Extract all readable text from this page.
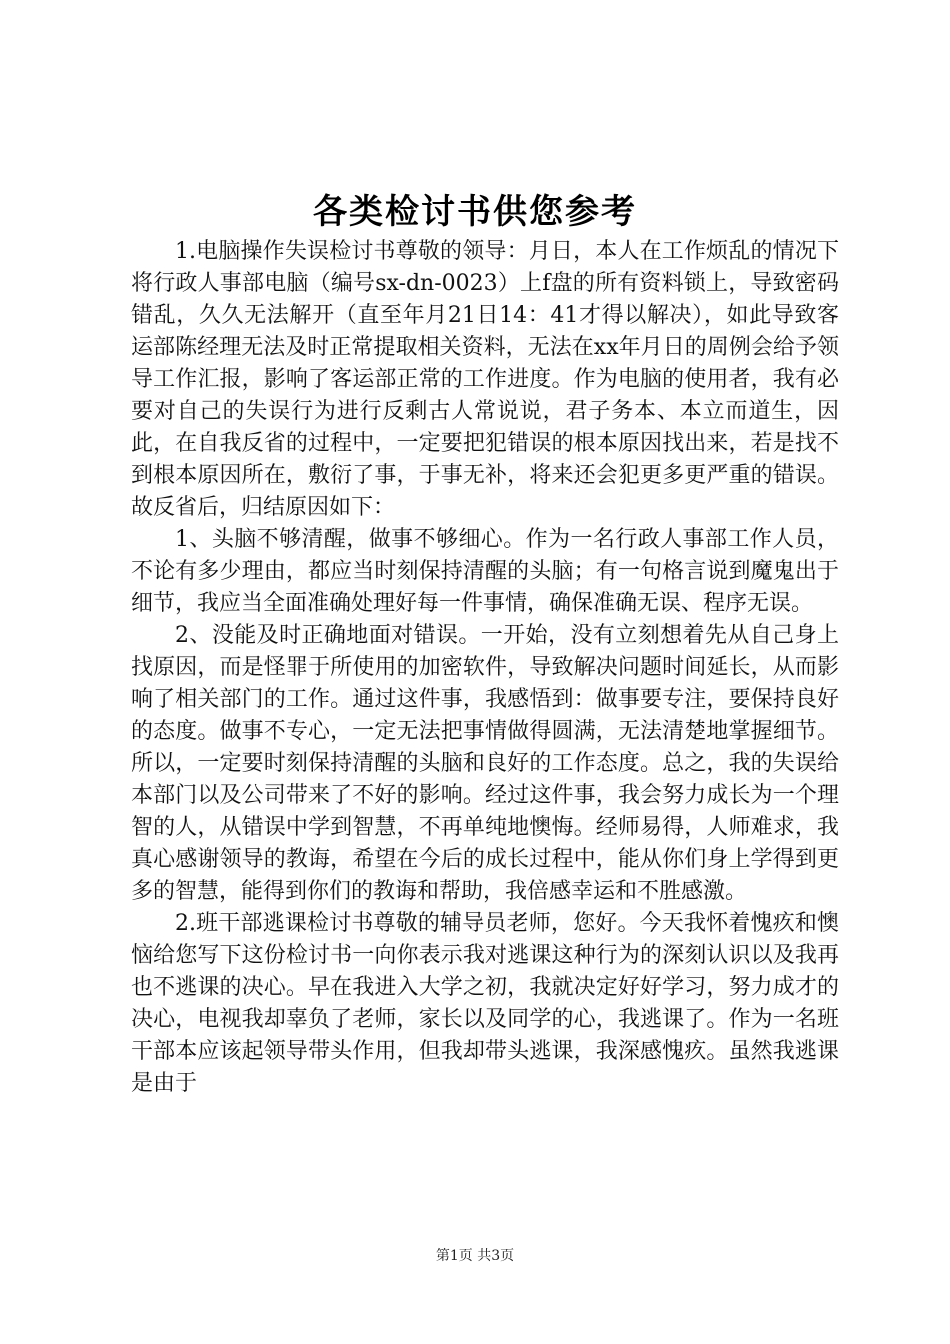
各类检讨书供您参考

1.电脑操作失误检讨书尊敬的领导：月日，本人在工作烦乱的情况下将行政人事部电脑（编号sx-dn-0023）上f盘的所有资料锁上，导致密码错乱，久久无法解开（直至年月21日14：41才得以解决），如此导致客运部陈经理无法及时正常提取相关资料，无法在xx年月日的周例会给予领导工作汇报，影响了客运部正常的工作进度。作为电脑的使用者，我有必要对自己的失误行为进行反剩古人常说说，君子务本、本立而道生，因此，在自我反省的过程中，一定要把犯错误的根本原因找出来，若是找不到根本原因所在，敷衍了事，于事无补，将来还会犯更多更严重的错误。故反省后，归结原因如下：

1、头脑不够清醒，做事不够细心。作为一名行政人事部工作人员，不论有多少理由，都应当时刻保持清醒的头脑；有一句格言说到魔鬼出于细节，我应当全面准确处理好每一件事情，确保准确无误、程序无误。

2、没能及时正确地面对错误。一开始，没有立刻想着先从自己身上找原因，而是怪罪于所使用的加密软件，导致解决问题时间延长，从而影响了相关部门的工作。通过这件事，我感悟到：做事要专注，要保持良好的态度。做事不专心，一定无法把事情做得圆满，无法清楚地掌握细节。所以，一定要时刻保持清醒的头脑和良好的工作态度。总之，我的失误给本部门以及公司带来了不好的影响。经过这件事，我会努力成长为一个理智的人，从错误中学到智慧，不再单纯地懊悔。经师易得，人师难求，我真心感谢领导的教诲，希望在今后的成长过程中，能从你们身上学得到更多的智慧，能得到你们的教诲和帮助，我倍感幸运和不胜感激。

2.班干部逃课检讨书尊敬的辅导员老师，您好。今天我怀着愧疚和懊恼给您写下这份检讨书一向你表示我对逃课这种行为的深刻认识以及我再也不逃课的决心。早在我进入大学之初，我就决定好好学习，努力成才的决心，电视我却辜负了老师，家长以及同学的心，我逃课了。作为一名班干部本应该起领导带头作用，但我却带头逃课，我深感愧疚。虽然我逃课是由于

第1页 共3页
